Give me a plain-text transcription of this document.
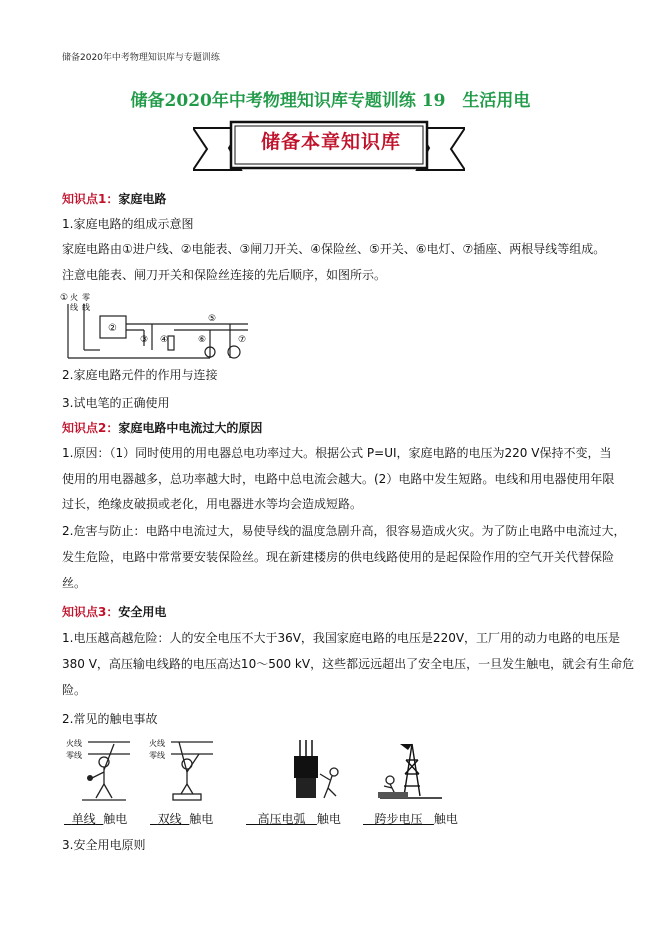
储备2020年中考物理知识库与专题训练
储备2020年中考物理知识库专题训练 19　生活用电
储备本章知识库
知识点1：家庭电路
1.家庭电路的组成示意图
家庭电路由①进户线、②电能表、③闸刀开关、④保险丝、⑤开关、⑥电灯、⑦插座、两根导线等组成。
注意电能表、闸刀开关和保险丝连接的先后顺序，如图所示。
① 火
线
零
线
②
③ ④
⑤
⑥	⑦
2.家庭电路元件的作用与连接
3.试电笔的正确使用
知识点2：家庭电路中电流过大的原因
1.原因：（1）同时使用的用电器总电功率过大。根据公式 P=UI，家庭电路的电压为220 V保持不变，当
使用的用电器越多，总功率越大时，电路中总电流会越大。(2）电路中发生短路。电线和用电器使用年限
过长，绝缘皮破损或老化，用电器进水等均会造成短路。
2.危害与防止：电路中电流过大，易使导线的温度急剧升高，很容易造成火灾。为了防止电路中电流过大，
发生危险，电路中常常要安装保险丝。现在新建楼房的供电线路使用的是起保险作用的空气开关代替保险
丝。
知识点3：安全用电
1.电压越高越危险：人的安全电压不大于36V，我国家庭电路的电压是220V，工厂用的动力电路的电压是
380 V，高压输电线路的电压高达10～500 kV，这些都远远超出了安全电压，一旦发生触电，就会有生命危
险。
2.常见的触电事故
火线
零线
火线
零线
单线 触电	双线 触电	高压电弧 触电	跨步电压 触电
3.安全用电原则
